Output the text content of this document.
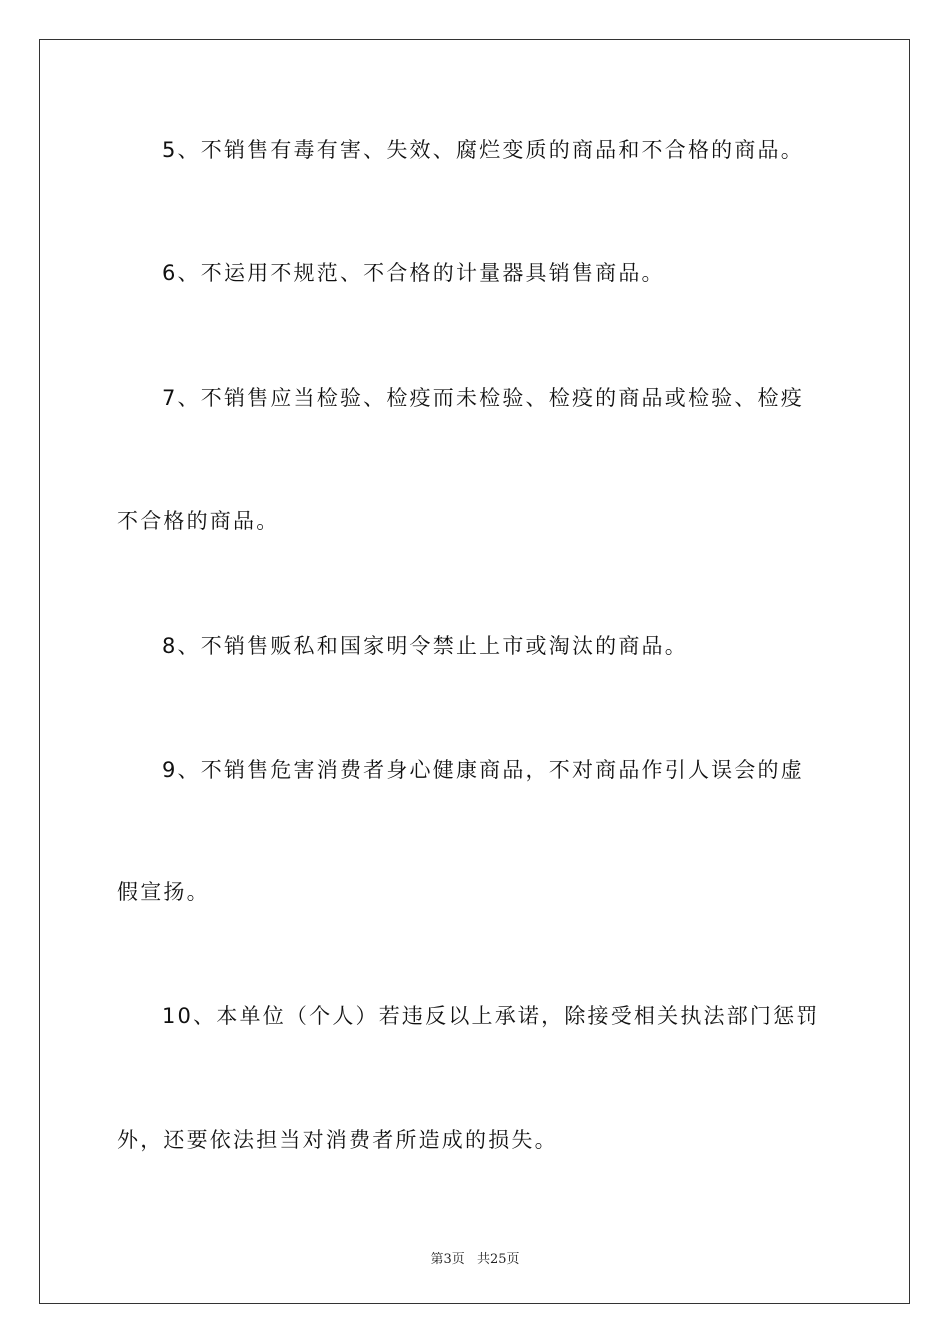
5、不销售有毒有害、失效、腐烂变质的商品和不合格的商品。

6、不运用不规范、不合格的计量器具销售商品。

7、不销售应当检验、检疫而未检验、检疫的商品或检验、检疫

不合格的商品。

8、不销售贩私和国家明令禁止上市或淘汰的商品。

9、不销售危害消费者身心健康商品，不对商品作引人误会的虚

假宣扬。

10、本单位（个人）若违反以上承诺，除接受相关执法部门惩罚

外，还要依法担当对消费者所造成的损失。

第3页 共25页
